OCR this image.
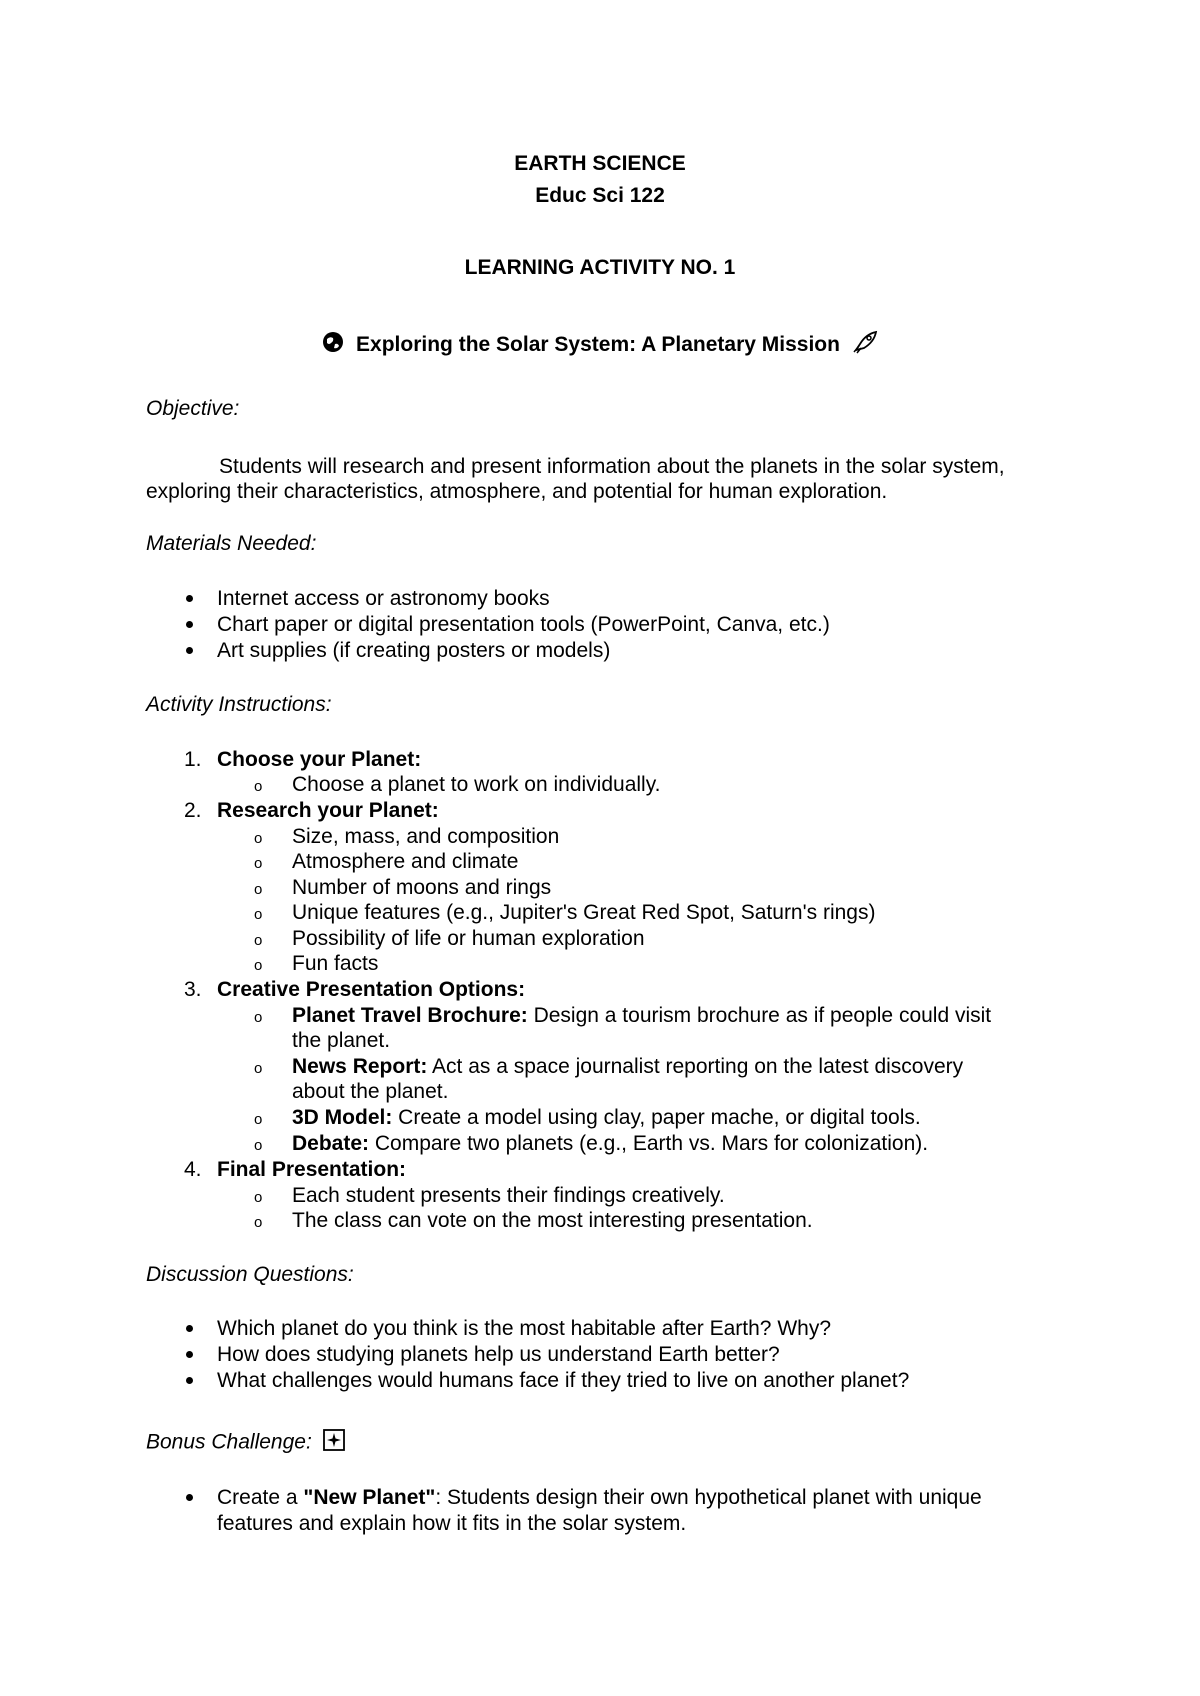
EARTH SCIENCE
Educ Sci 122
LEARNING ACTIVITY NO. 1
Exploring the Solar System: A Planetary Mission
Objective:
Students will research and present information about the planets in the solar system,
exploring their characteristics, atmosphere, and potential for human exploration.
Materials Needed:
Internet access or astronomy books
Chart paper or digital presentation tools (PowerPoint, Canva, etc.)
Art supplies (if creating posters or models)
Activity Instructions:
1. Choose your Planet:
o Choose a planet to work on individually.
2. Research your Planet:
o Size, mass, and composition
o Atmosphere and climate
o Number of moons and rings
o Unique features (e.g., Jupiter's Great Red Spot, Saturn's rings)
o Possibility of life or human exploration
o Fun facts
3. Creative Presentation Options:
o Planet Travel Brochure: Design a tourism brochure as if people could visit
the planet.
o News Report: Act as a space journalist reporting on the latest discovery
about the planet.
o 3D Model: Create a model using clay, paper mache, or digital tools.
o Debate: Compare two planets (e.g., Earth vs. Mars for colonization).
4. Final Presentation:
o Each student presents their findings creatively.
o The class can vote on the most interesting presentation.
Discussion Questions:
Which planet do you think is the most habitable after Earth? Why?
How does studying planets help us understand Earth better?
What challenges would humans face if they tried to live on another planet?
Bonus Challenge:
Create a "New Planet": Students design their own hypothetical planet with unique
features and explain how it fits in the solar system.
